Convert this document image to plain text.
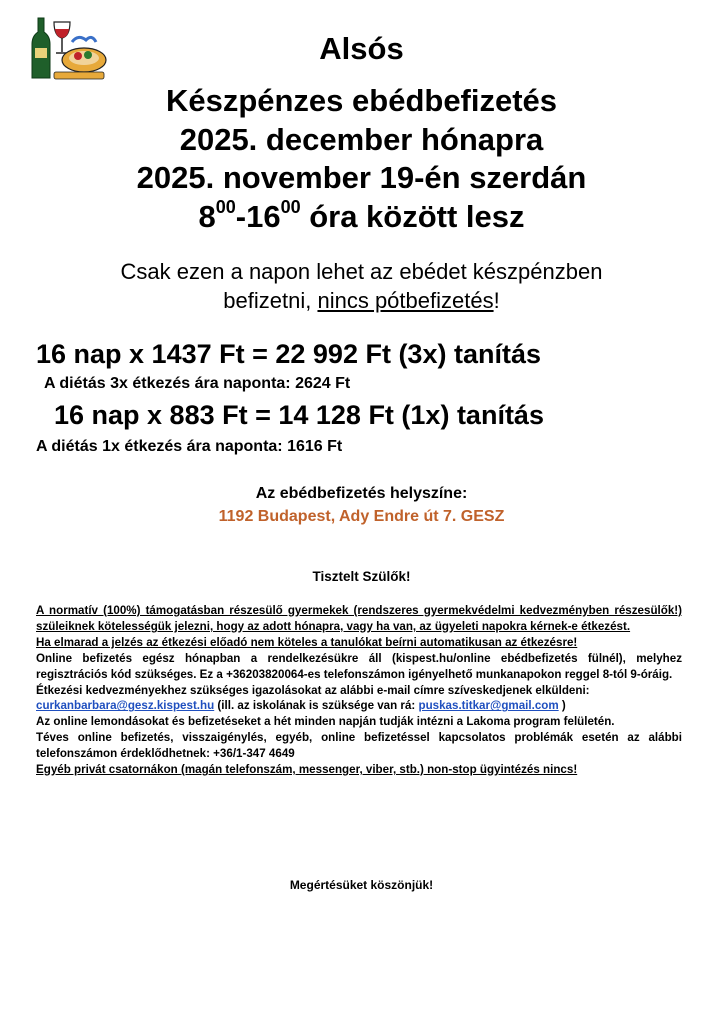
Alsós
Készpénzes ebédbefizetés
2025. december hónapra
2025. november 19-én szerdán
$8^{00}-16^{00}$ óra között lesz
Csak ezen a napon lehet az ebédet készpénzben
befizetni, nincs pótbefizetés!
16 nap x 1437 Ft = 22 992 Ft (3x) tanítás
A diétás 3x étkezés ára naponta: 2624 Ft
16 nap x 883 Ft = 14 128 Ft (1x) tanítás
A diétás 1x étkezés ára naponta: 1616 Ft
Az ebédbefizetés helyszíne:
1192 Budapest, Ady Endre út 7. GESZ
Tisztelt Szülők!

A normatív (100%) támogatásban részesülő gyermekek (rendszeres gyermekvédelmi kedvezményben részesülők!) szüleiknek kötelességük jelezni, hogy az adott hónapra, vagy ha van, az ügyeleti napokra kérnek-e étkezést.

Ha elmarad a jelzés az étkezési előadó nem köteles a tanulókat beírni automatikusan az étkezésre!

Online befizetés egész hónapban a rendelkezésükre áll (kispest.hu/online ebédbefizetés fülnél), melyhez regisztrációs kód szükséges. Ez a +36203820064-es telefonszámon igényelhető munkanapokon reggel 8-tól 9-óráig.

Étkezési kedvezményekhez szükséges igazolásokat az alábbi e-mail címre szíveskedjenek elküldeni:

curkanbarbara@gesz.kispest.hu (ill. az iskolának is szüksége van rá: puskas.titkar@gmail.com )

Az online lemondásokat és befizetéseket a hét minden napján tudják intézni a Lakoma program felületén.

Téves online befizetés, visszaigénylés, egyéb, online befizetéssel kapcsolatos problémák esetén az alábbi telefonszámon érdeklődhetnek: +36/1-347 4649

Egyéb privát csatornákon (magán telefonszám, messenger, viber, stb.) non-stop ügyintézés nincs!

Megértésüket köszönjük!
